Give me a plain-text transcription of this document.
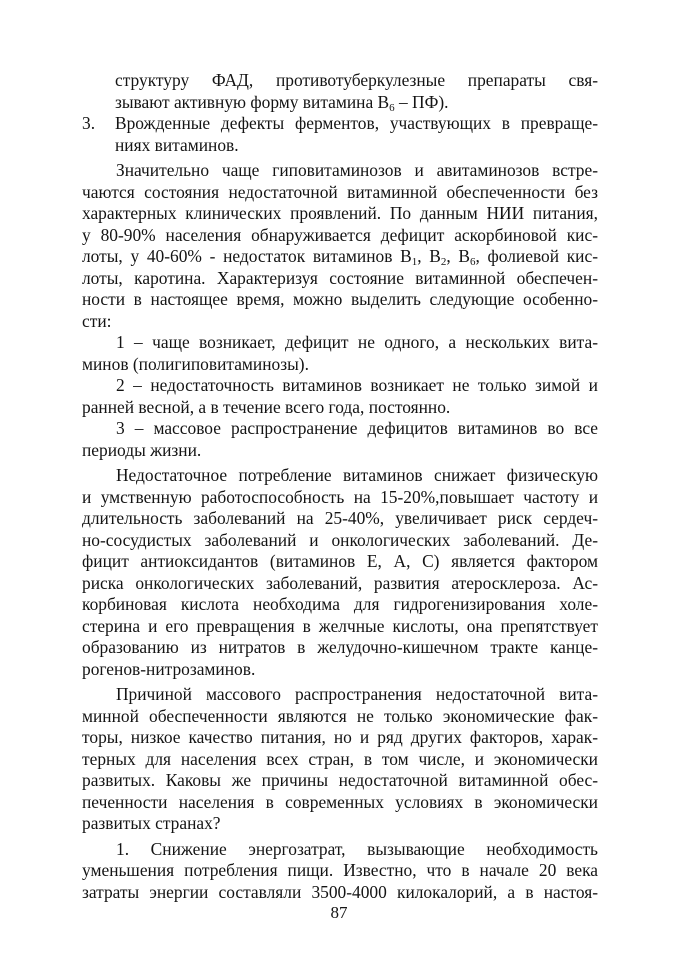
структуру ФАД, противотуберкулезные препараты свя-
зывают активную форму витамина $B_6 - ПФ$).
3. Врожденные дефекты ферментов, участвующих в превраще-
ниях витаминов.
Значительно чаще гиповитаминозов и авитаминозов встре-
чаются состояния недостаточной витаминной обеспеченности без
характерных клинических проявлений. По данным НИИ питания,
у 80-90% населения обнаруживается дефицит аскорбиновой кис-
лоты, у 40-60% - недостаток витаминов $B_1$, $B_2$, $B_6$, фолиевой кис-
лоты, каротина. Характеризуя состояние витаминной обеспечен-
ности в настоящее время, можно выделить следующие особенно-
сти:
1 – чаще возникает, дефицит не одного, а нескольких вита-
минов (полигиповитаминозы).
2 – недостаточность витаминов возникает не только зимой и
ранней весной, а в течение всего года, постоянно.
3 – массовое распространение дефицитов витаминов во все
периоды жизни.
Недостаточное потребление витаминов снижает физическую
и умственную работоспособность на 15-20%,повышает частоту и
длительность заболеваний на 25-40%, увеличивает риск сердеч-
но-сосудистых заболеваний и онкологических заболеваний. Де-
фицит антиоксидантов (витаминов Е, А, С) является фактором
риска онкологических заболеваний, развития атеросклероза. Ас-
корбиновая кислота необходима для гидрогенизирования холе-
стерина и его превращения в желчные кислоты, она препятствует
образованию из нитратов в желудочно-кишечном тракте канце-
рогенов-нитрозаминов.
Причиной массового распространения недостаточной вита-
минной обеспеченности являются не только экономические фак-
торы, низкое качество питания, но и ряд других факторов, харак-
терных для населения всех стран, в том числе, и экономически
развитых. Каковы же причины недостаточной витаминной обес-
печенности населения в современных условиях в экономически
развитых странах?
1. Снижение энергозатрат, вызывающие необходимость
уменьшения потребления пищи. Известно, что в начале 20 века
затраты энергии составляли 3500-4000 килокалорий, а в настоя-
87
